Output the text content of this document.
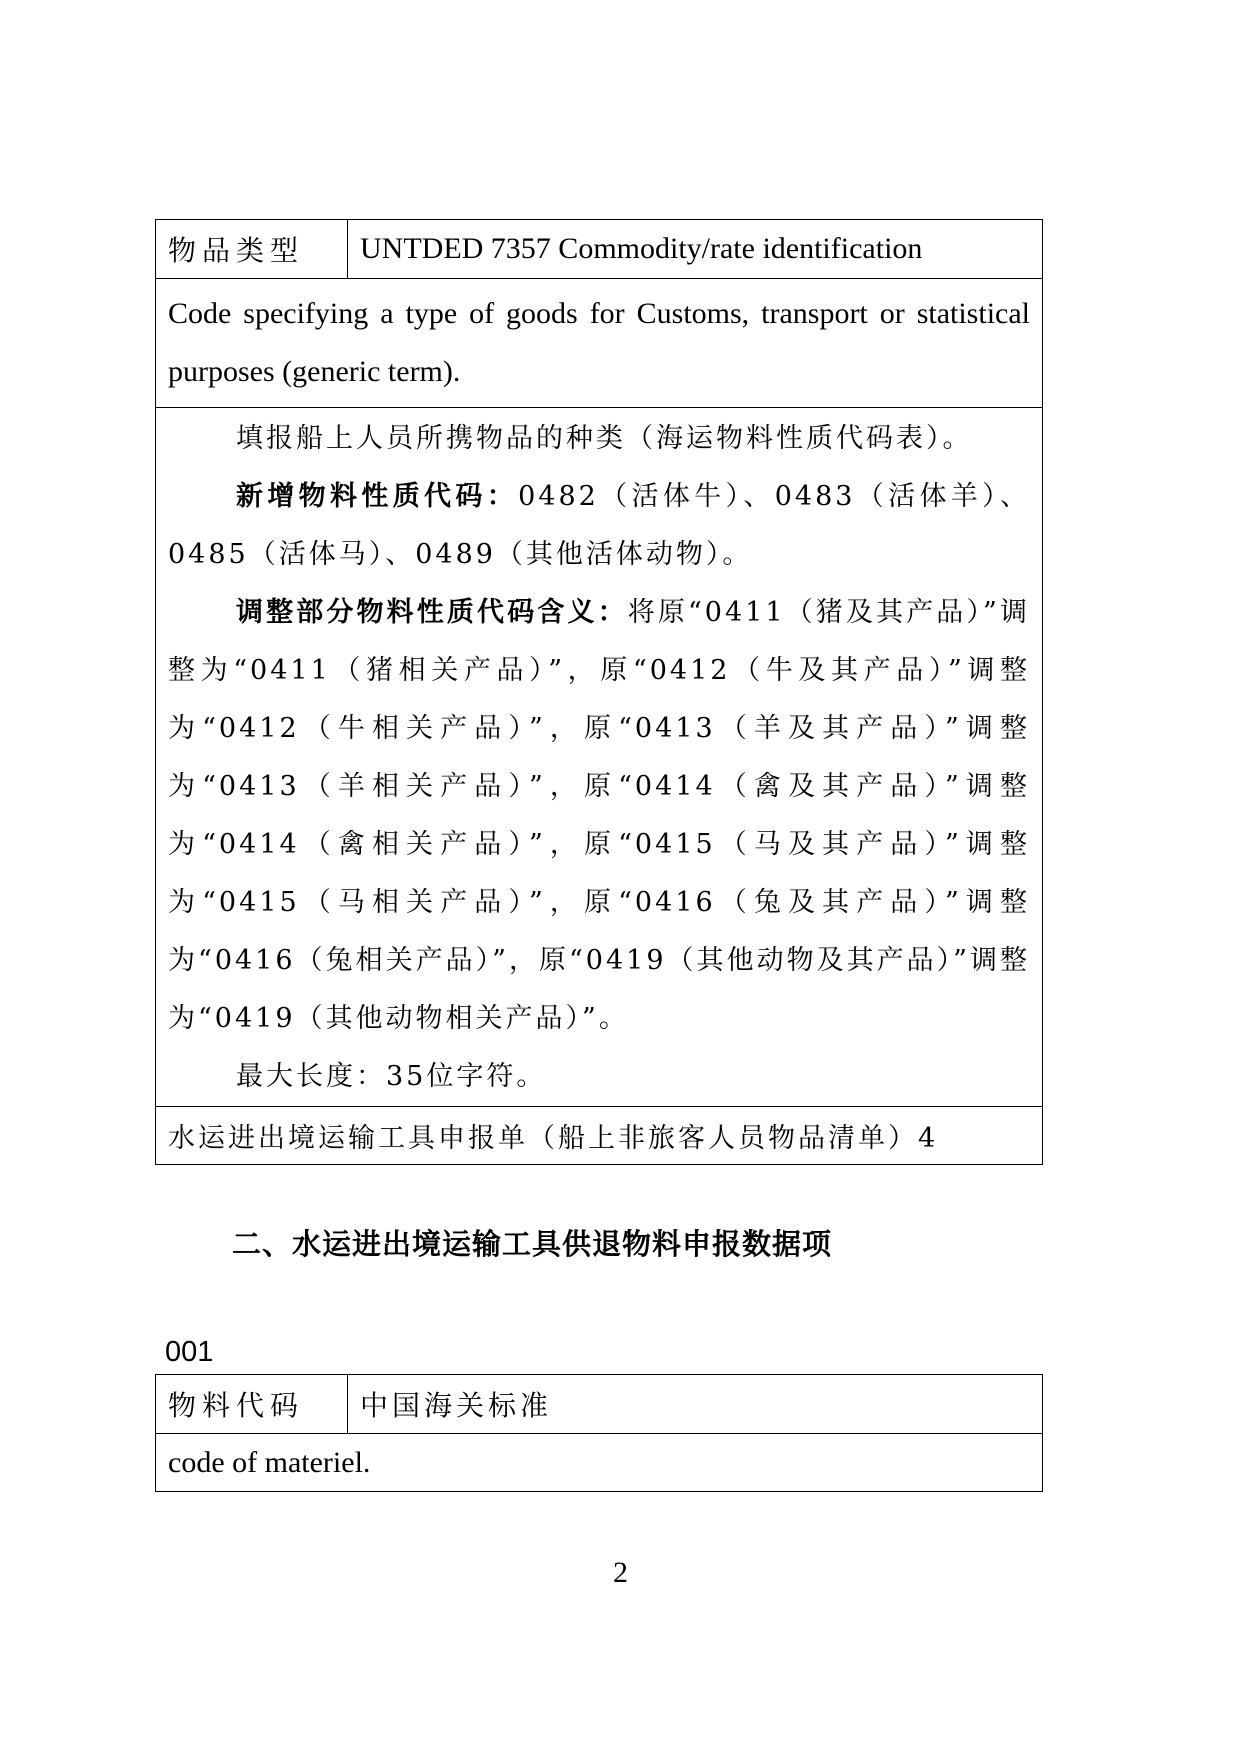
物品类型	UNTDED 7357 Commodity/rate identification
Code specifying a type of goods for Customs, transport or statistical purposes (generic term).

填报船上人员所携物品的种类（海运物料性质代码表）。

新增物料性质代码：0482（活体牛）、0483（活体羊）、0485（活体马）、0489（其他活体动物）。

调整部分物料性质代码含义：将原“0411（猪及其产品）”调整为“0411（猪相关产品）”，原“0412（牛及其产品）”调整为“0412（牛相关产品）”，原“0413（羊及其产品）”调整为“0413（羊相关产品）”，原“0414（禽及其产品）”调整为“0414（禽相关产品）”，原“0415（马及其产品）”调整为“0415（马相关产品）”，原“0416（兔及其产品）”调整为“0416（兔相关产品）”，原“0419（其他动物及其产品）”调整为“0419（其他动物相关产品）”。

最大长度：35位字符。

水运进出境运输工具申报单（船上非旅客人员物品清单）4
二、水运进出境运输工具供退物料申报数据项
001
物料代码	中国海关标准
code of materiel.
2
